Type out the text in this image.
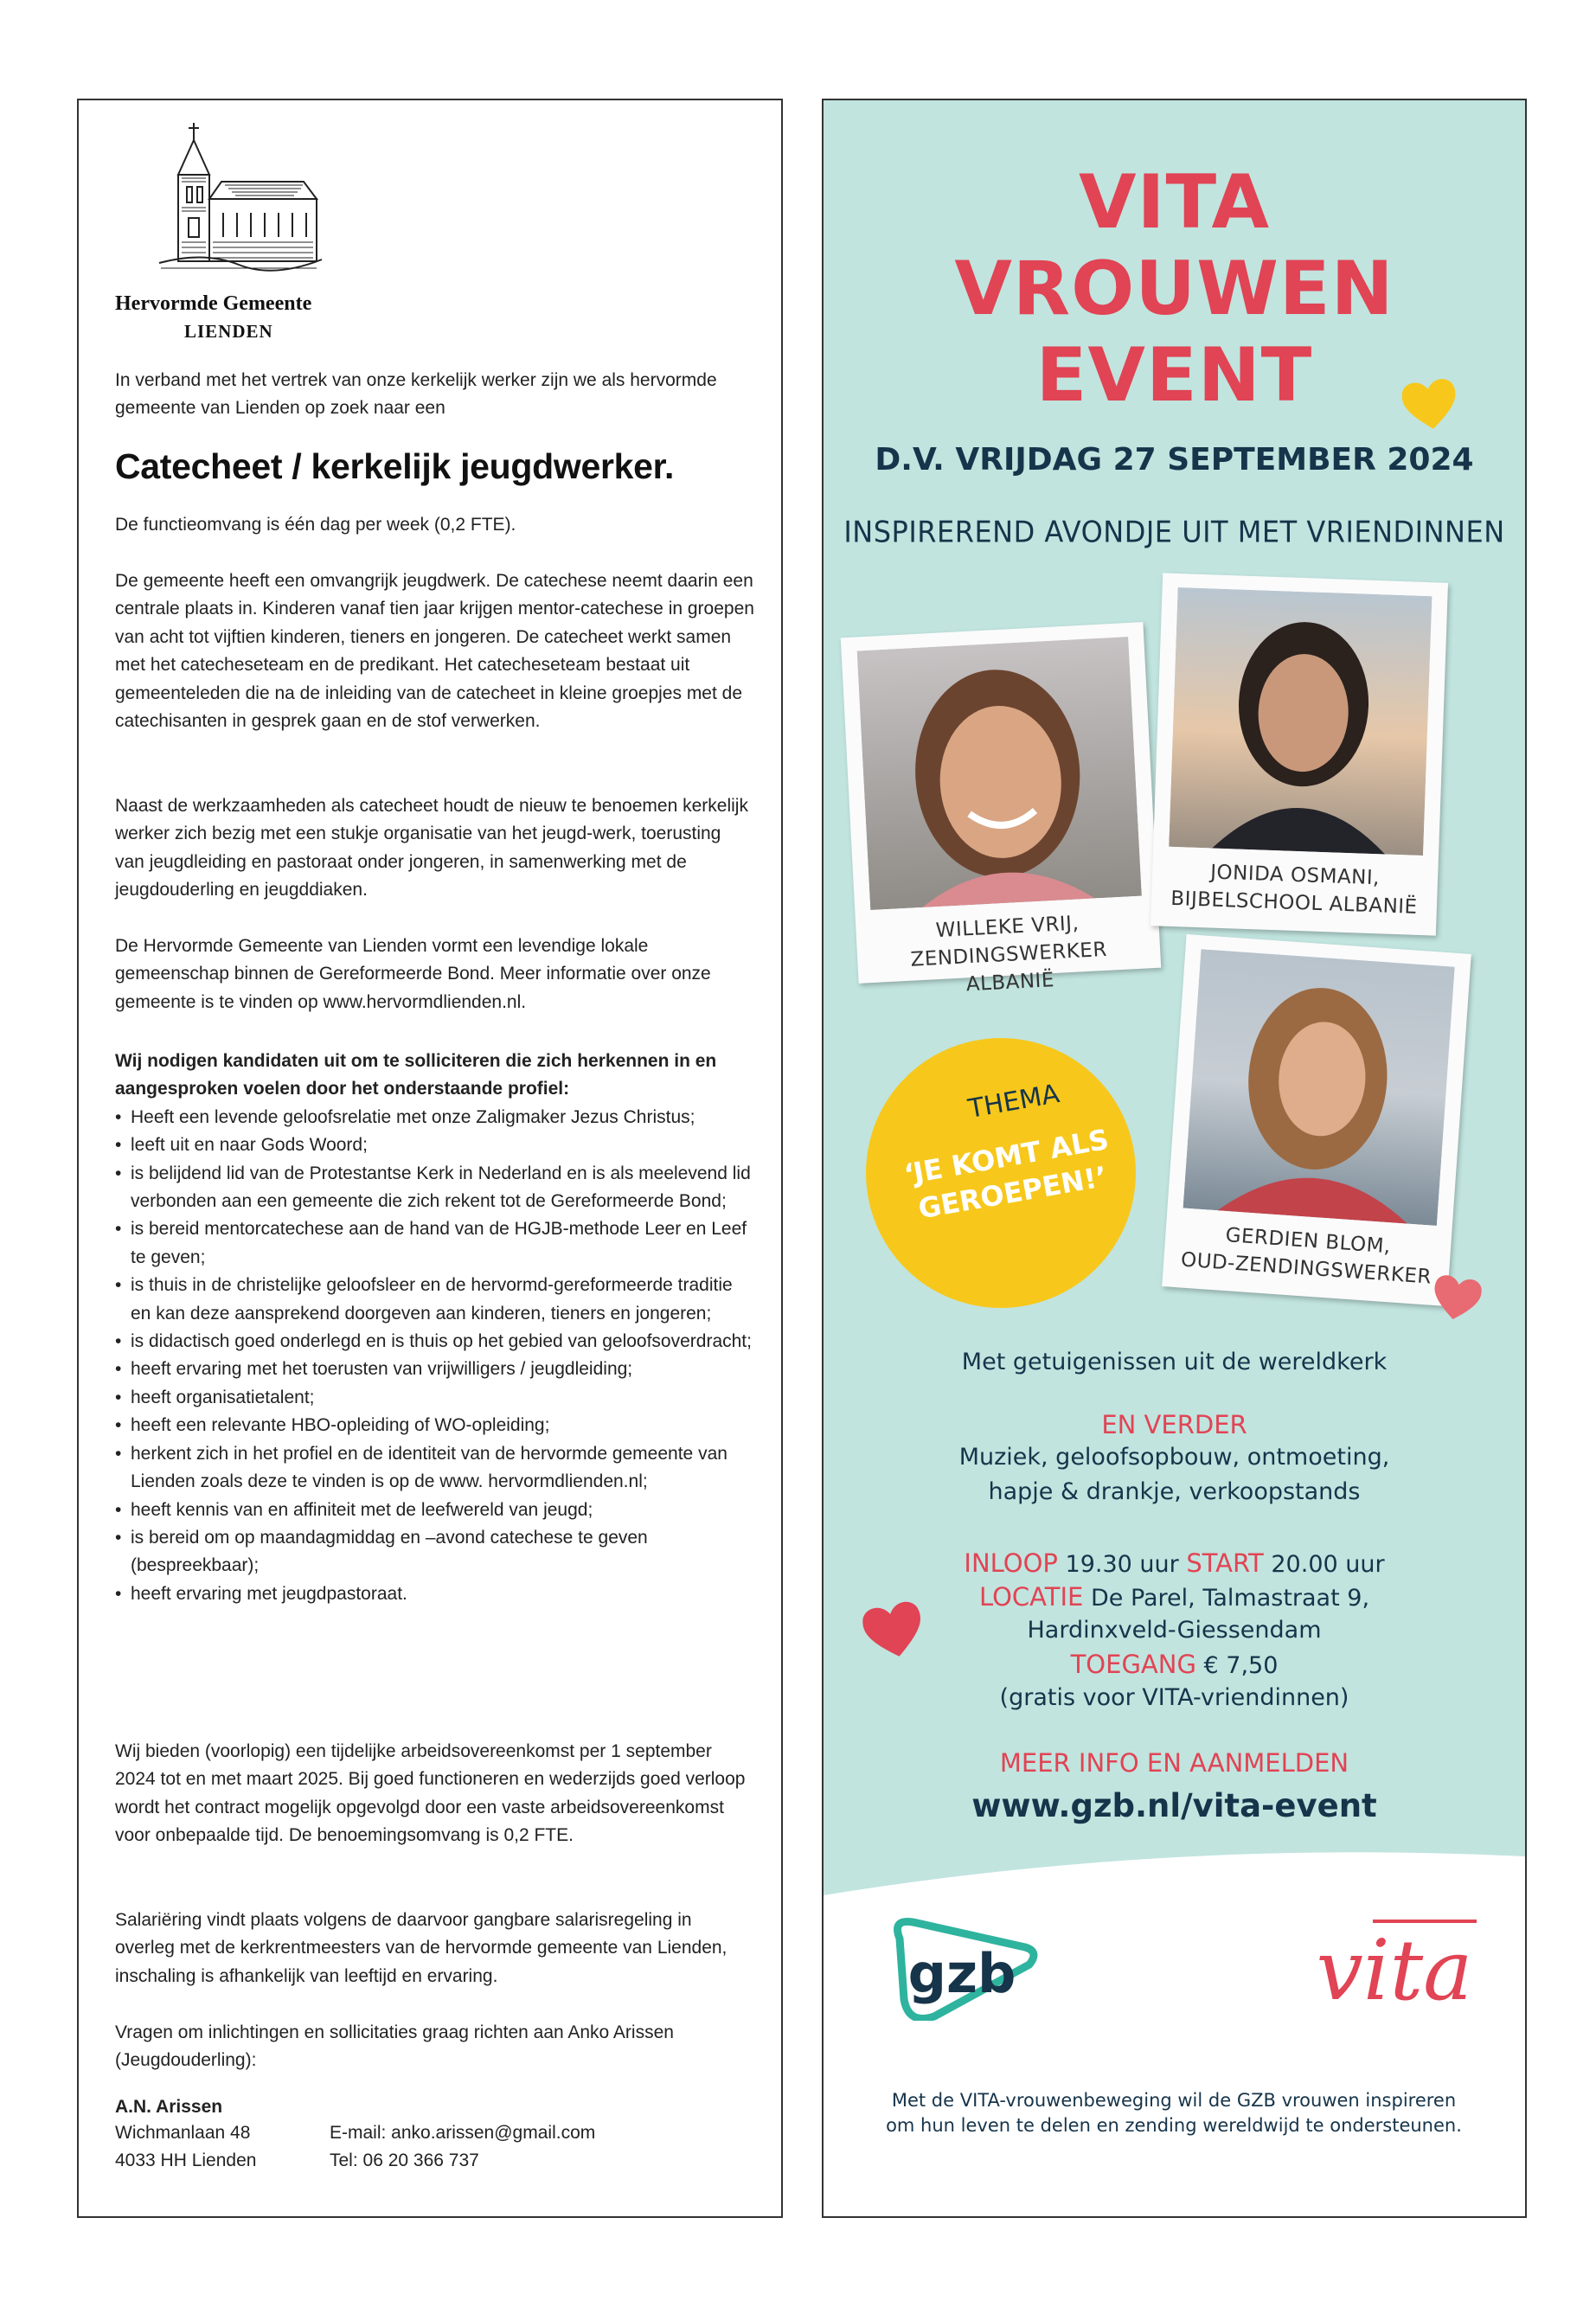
Hervormde Gemeente
LIENDEN

In verband met het vertrek van onze kerkelijk werker zijn we als hervormde gemeente van Lienden op zoek naar een

Catecheet / kerkelijk jeugdwerker.

De functieomvang is één dag per week (0,2 FTE).

De gemeente heeft een omvangrijk jeugdwerk. De catechese neemt daarin een centrale plaats in. Kinderen vanaf tien jaar krijgen mentor-catechese in groepen van acht tot vijftien kinderen, tieners en jongeren. De catecheet werkt samen met het catecheseteam en de predikant. Het catecheseteam bestaat uit gemeenteleden die na de inleiding van de catecheet in kleine groepjes met de catechisanten in gesprek gaan en de stof verwerken.

Naast de werkzaamheden als catecheet houdt de nieuw te benoemen kerkelijk werker zich bezig met een stukje organisatie van het jeugd-werk, toerusting van jeugdleiding en pastoraat onder jongeren, in samenwerking met de jeugdouderling en jeugddiaken.

De Hervormde Gemeente van Lienden vormt een levendige lokale gemeenschap binnen de Gereformeerde Bond. Meer informatie over onze gemeente is te vinden op www.hervormdlienden.nl.

Wij nodigen kandidaten uit om te solliciteren die zich herkennen in en aangesproken voelen door het onderstaande profiel:

• Heeft een levende geloofsrelatie met onze Zaligmaker Jezus Christus;
• leeft uit en naar Gods Woord;
• is belijdend lid van de Protestantse Kerk in Nederland en is als meelevend lid verbonden aan een gemeente die zich rekent tot de Gereformeerde Bond;
• is bereid mentorcatechese aan de hand van de HGJB-methode Leer en Leef te geven;
• is thuis in de christelijke geloofsleer en de hervormd-gereformeerde traditie en kan deze aansprekend doorgeven aan kinderen, tieners en jongeren;
• is didactisch goed onderlegd en is thuis op het gebied van geloofsoverdracht;
• heeft ervaring met het toerusten van vrijwilligers / jeugdleiding;
• heeft organisatietalent;
• heeft een relevante HBO-opleiding of WO-opleiding;
• herkent zich in het profiel en de identiteit van de hervormde gemeente van Lienden zoals deze te vinden is op de www. hervormdlienden.nl;
• heeft kennis van en affiniteit met de leefwereld van jeugd;
• is bereid om op maandagmiddag en –avond catechese te geven (bespreekbaar);
• heeft ervaring met jeugdpastoraat.

Wij bieden (voorlopig) een tijdelijke arbeidsovereenkomst per 1 september 2024 tot en met maart 2025. Bij goed functioneren en wederzijds goed verloop wordt het contract mogelijk opgevolgd door een vaste arbeidsovereenkomst voor onbepaalde tijd. De benoemingsomvang is 0,2 FTE.

Salariëring vindt plaats volgens de daarvoor gangbare salarisregeling in overleg met de kerkrentmeesters van de hervormde gemeente van Lienden, inschaling is afhankelijk van leeftijd en ervaring.

Vragen om inlichtingen en sollicitaties graag richten aan Anko Arissen (Jeugdouderling):

A.N. Arissen
Wichmanlaan 48
4033 HH Lienden
E-mail: anko.arissen@gmail.com
Tel: 06 20 366 737
VITA
VROUWEN
EVENT
D.V. VRIJDAG 27 SEPTEMBER 2024
INSPIREREND AVONDJE UIT MET VRIENDINNEN
WILLEKE VRIJ,
ZENDINGSWERKER ALBANIË
JONIDA OSMANI,
BIJBELSCHOOL ALBANIË
GERDIEN BLOM,
OUD-ZENDINGSWERKER
THEMA
‘JE KOMT ALS GEROEPEN!’
Met getuigenissen uit de wereldkerk
EN VERDER
Muziek, geloofsopbouw, ontmoeting,
hapje & drankje, verkoopstands
INLOOP 19.30 uur START 20.00 uur
LOCATIE De Parel, Talmastraat 9,
Hardinxveld-Giessendam
TOEGANG € 7,50
(gratis voor VITA-vriendinnen)
MEER INFO EN AANMELDEN
www.gzb.nl/vita-event
gzb	vita
Met de VITA-vrouwenbeweging wil de GZB vrouwen inspireren om hun leven te delen en zending wereldwijd te ondersteunen.
